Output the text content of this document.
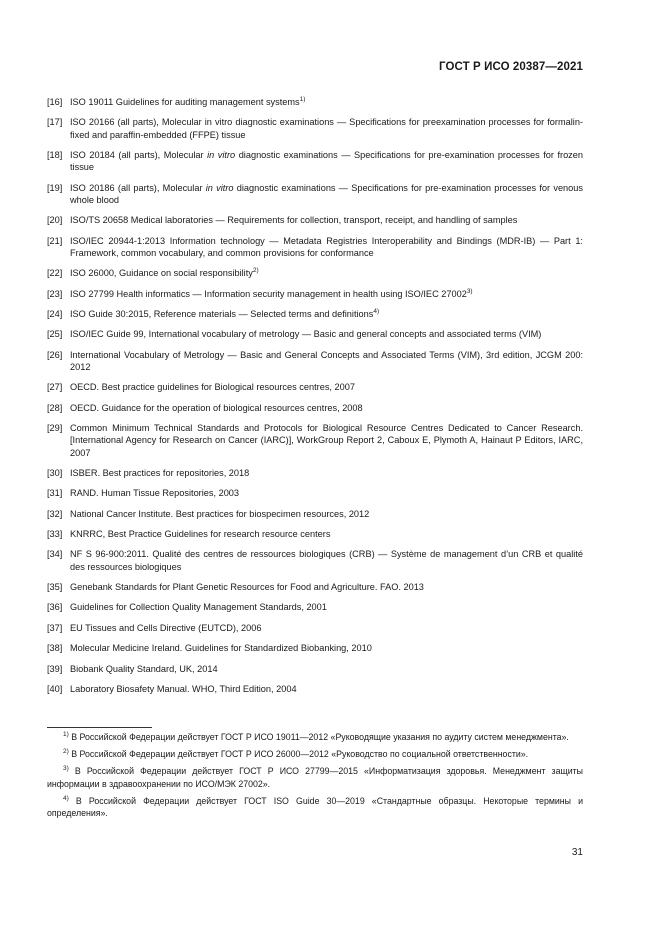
ГОСТ Р ИСО 20387—2021
[16] ISO 19011 Guidelines for auditing management systems$^{1)}$
[17] ISO 20166 (all parts), Molecular in vitro diagnostic examinations — Specifications for preexamination processes for formalin-fixed and paraffin-embedded (FFPE) tissue
[18] ISO 20184 (all parts), Molecular in vitro diagnostic examinations — Specifications for pre-examination processes for frozen tissue
[19] ISO 20186 (all parts), Molecular in vitro diagnostic examinations — Specifications for pre-examination processes for venous whole blood
[20] ISO/TS 20658 Medical laboratories — Requirements for collection, transport, receipt, and handling of samples
[21] ISO/IEC 20944-1:2013 Information technology — Metadata Registries Interoperability and Bindings (MDR-IB) — Part 1: Framework, common vocabulary, and common provisions for conformance
[22] ISO 26000, Guidance on social responsibility$^{2)}$
[23] ISO 27799 Health informatics — Information security management in health using ISO/IEC 27002$^{3)}$
[24] ISO Guide 30:2015, Reference materials — Selected terms and definitions$^{4)}$
[25] ISO/IEC Guide 99, International vocabulary of metrology — Basic and general concepts and associated terms (VIM)
[26] International Vocabulary of Metrology — Basic and General Concepts and Associated Terms (VIM), 3rd edition, JCGM 200: 2012
[27] OECD. Best practice guidelines for Biological resources centres, 2007
[28] OECD. Guidance for the operation of biological resources centres, 2008
[29] Common Minimum Technical Standards and Protocols for Biological Resource Centres Dedicated to Cancer Research. [International Agency for Research on Cancer (IARC)], WorkGroup Report 2, Caboux E, Plymoth A, Hainaut P Editors, IARC, 2007
[30] ISBER. Best practices for repositories, 2018
[31] RAND. Human Tissue Repositories, 2003
[32] National Cancer Institute. Best practices for biospecimen resources, 2012
[33] KNRRC, Best Practice Guidelines for research resource centers
[34] NF S 96-900:2011. Qualité des centres de ressources biologiques (CRB) — Système de management d’un CRB et qualité des ressources biologiques
[35] Genebank Standards for Plant Genetic Resources for Food and Agriculture. FAO. 2013
[36] Guidelines for Collection Quality Management Standards, 2001
[37] EU Tissues and Cells Directive (EUTCD), 2006
[38] Molecular Medicine Ireland. Guidelines for Standardized Biobanking, 2010
[39] Biobank Quality Standard, UK, 2014
[40] Laboratory Biosafety Manual. WHO, Third Edition, 2004
$^{1)}$ В Российской Федерации действует ГОСТ Р ИСО 19011—2012 «Руководящие указания по аудиту систем менеджмента».
$^{2)}$ В Российской Федерации действует ГОСТ Р ИСО 26000—2012 «Руководство по социальной ответственности».
$^{3)}$ В Российской Федерации действует ГОСТ Р ИСО 27799—2015 «Информатизация здоровья. Менеджмент защиты информации в здравоохранении по ИСО/МЭК 27002».
$^{4)}$ В Российской Федерации действует ГОСТ ISO Guide 30—2019 «Стандартные образцы. Некоторые термины и определения».
31
